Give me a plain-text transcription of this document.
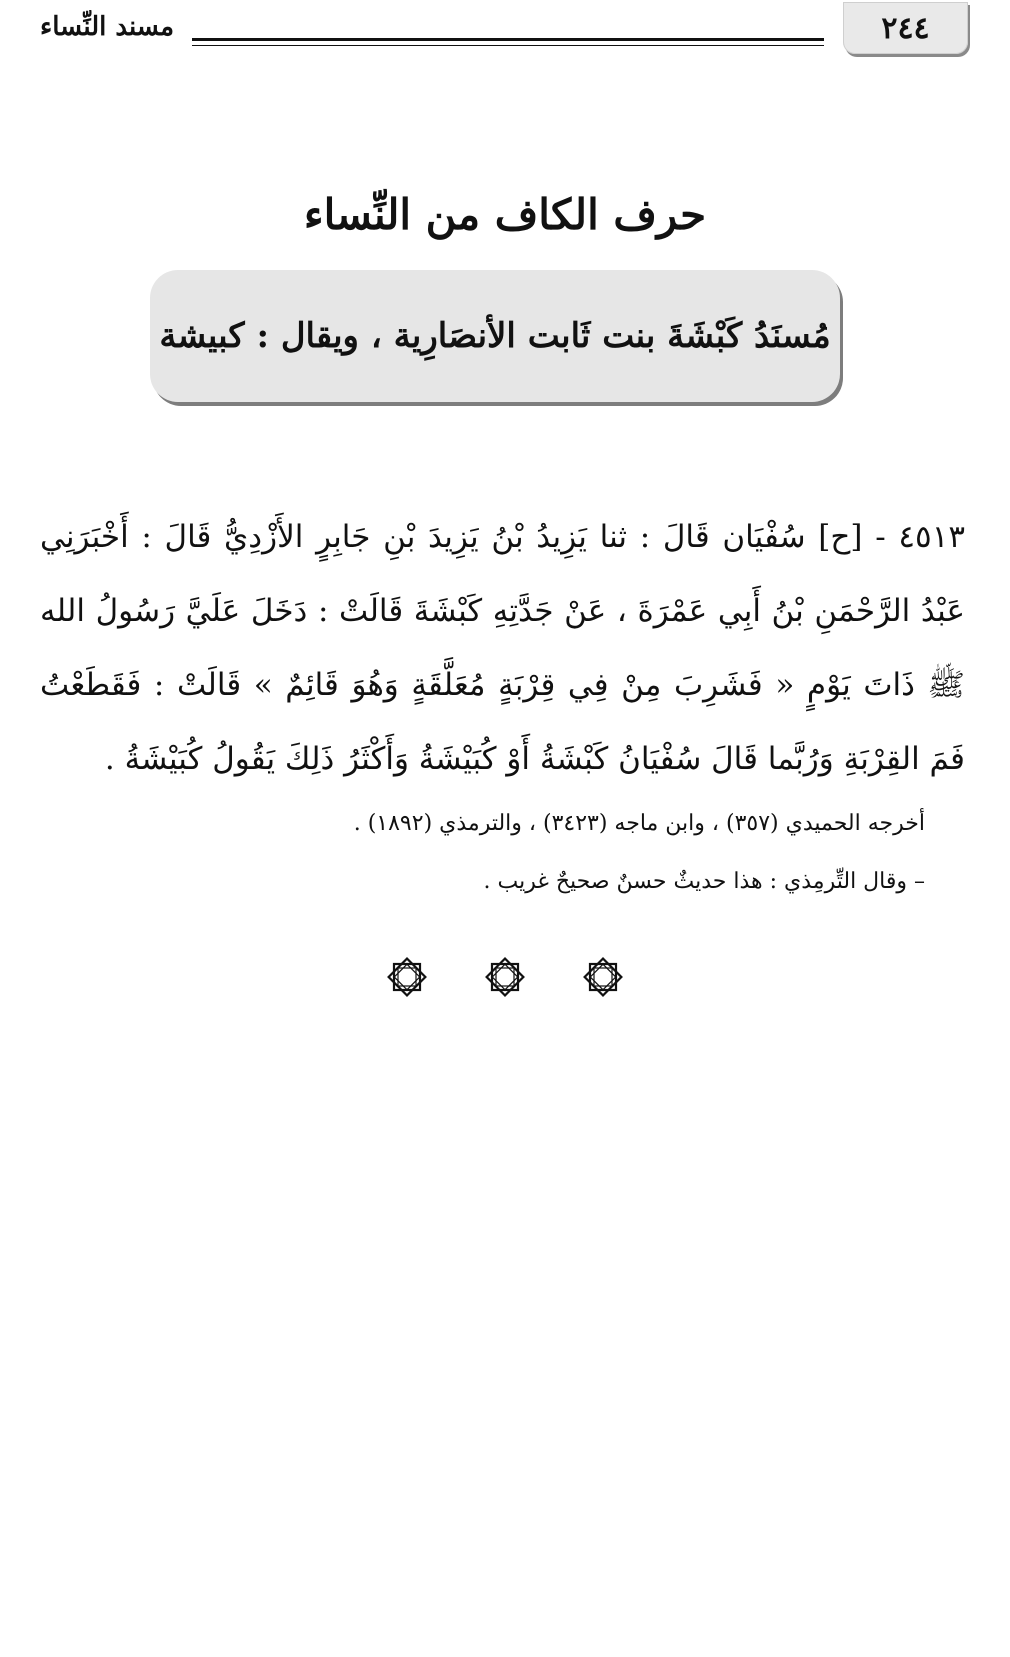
٢٤٤
مسند النِّساء
حرف الكاف من النِّساء
مُسنَدُ كَبْشَةَ بنت ثَابت الأنصَارِية ، ويقال : كبيشة
٤٥١٣ - [ح] سُفْيَان قَالَ : ثنا يَزِيدُ بْنُ يَزِيدَ بْنِ جَابِرٍ الأَزْدِيُّ قَالَ : أَخْبَرَنِي عَبْدُ الرَّحْمَنِ بْنُ أَبِي عَمْرَةَ ، عَنْ جَدَّتِهِ كَبْشَةَ قَالَتْ : دَخَلَ عَلَيَّ رَسُولُ الله ﷺ ذَاتَ يَوْمٍ « فَشَرِبَ مِنْ فِي قِرْبَةٍ مُعَلَّقَةٍ وَهُوَ قَائِمٌ » قَالَتْ : فَقَطَعْتُ فَمَ القِرْبَةِ وَرُبَّما قَالَ سُفْيَانُ كَبْشَةُ أَوْ كُبَيْشَةُ وَأَكْثَرُ ذَلِكَ يَقُولُ كُبَيْشَةُ .

أخرجه الحميدي (٣٥٧) ، وابن ماجه (٣٤٢٣) ، والترمذي (١٨٩٢) .

– وقال التِّرمِذي : هذا حديثٌ حسنٌ صحيحٌ غريب .
